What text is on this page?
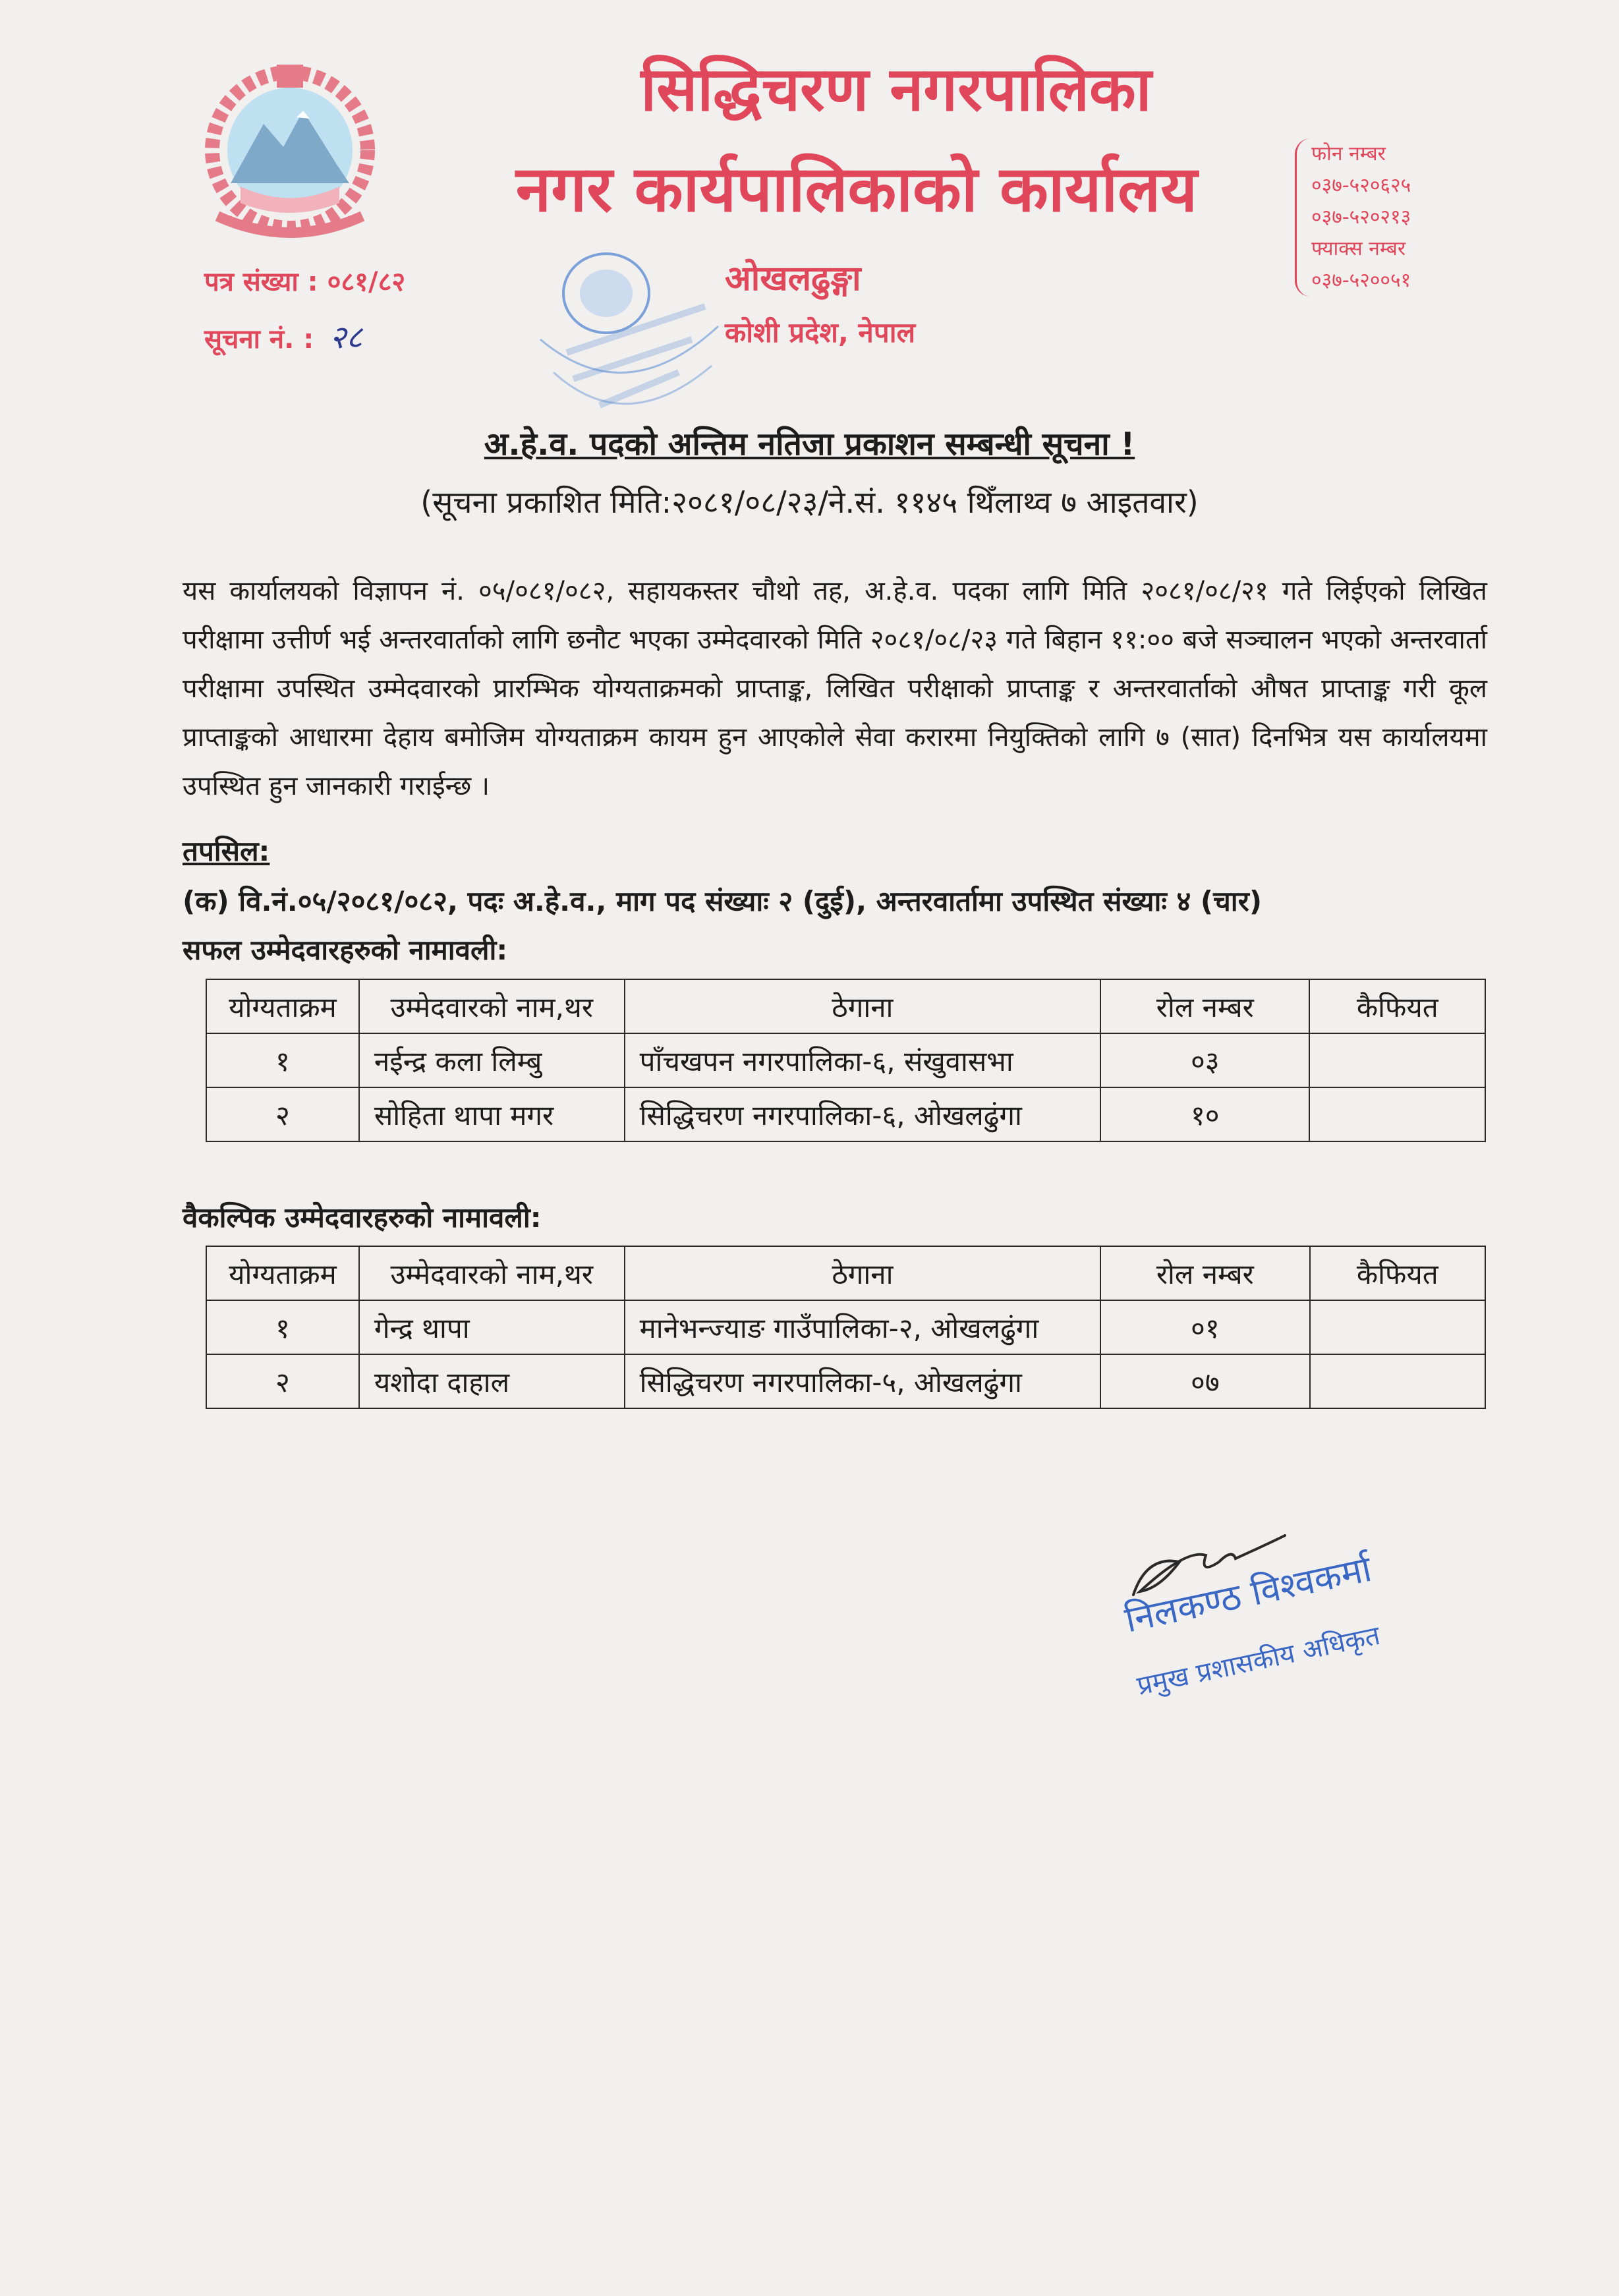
सिद्धिचरण नगरपालिका
नगर कार्यपालिकाको कार्यालय
पत्र संख्या : ०८१/८२
सूचना नं. : २८
ओखलढुङ्गा
कोशी प्रदेश, नेपाल
फोन नम्बर
०३७-५२०६२५
०३७-५२०२१३
फ्याक्स नम्बर
०३७-५२००५१
अ.हे.व. पदको अन्तिम नतिजा प्रकाशन सम्बन्धी सूचना !
(सूचना प्रकाशित मिति:२०८१/०८/२३/ने.सं. ११४५ थिँलाथ्व ७ आइतवार)
यस कार्यालयको विज्ञापन नं. ०५/०८१/०८२, सहायकस्तर चौथो तह, अ.हे.व. पदका लागि मिति २०८१/०८/२१ गते लिईएको लिखित परीक्षामा उत्तीर्ण भई अन्तरवार्ताको लागि छनौट भएका उम्मेदवारको मिति २०८१/०८/२३ गते बिहान ११:०० बजे सञ्चालन भएको अन्तरवार्ता परीक्षामा उपस्थित उम्मेदवारको प्रारम्भिक योग्यताक्रमको प्राप्ताङ्क, लिखित परीक्षाको प्राप्ताङ्क र अन्तरवार्ताको औषत प्राप्ताङ्क गरी कूल प्राप्ताङ्कको आधारमा देहाय बमोजिम योग्यताक्रम कायम हुन आएकोले सेवा करारमा नियुक्तिको लागि ७ (सात) दिनभित्र यस कार्यालयमा उपस्थित हुन जानकारी गराईन्छ ।
तपसिल:
(क) वि.नं.०५/२०८१/०८२, पदः अ.हे.व., माग पद संख्याः २ (दुई), अन्तरवार्तामा उपस्थित संख्याः ४ (चार)
सफल उम्मेदवारहरुको नामावली:
योग्यताक्रम	उम्मेदवारको नाम,थर	ठेगाना	रोल नम्बर	कैफियत
१	नईन्द्र कला लिम्बु	पाँचखपन नगरपालिका-६, संखुवासभा	०३	
२	सोहिता थापा मगर	सिद्धिचरण नगरपालिका-६, ओखलढुंगा	१०	
वैकल्पिक उम्मेदवारहरुको नामावली:
योग्यताक्रम	उम्मेदवारको नाम,थर	ठेगाना	रोल नम्बर	कैफियत
१	गेन्द्र थापा	मानेभन्ज्याङ गाउँपालिका-२, ओखलढुंगा	०१	
२	यशोदा दाहाल	सिद्धिचरण नगरपालिका-५, ओखलढुंगा	०७	
निलकण्ठ विश्वकर्मा
प्रमुख प्रशासकीय अधिकृत
